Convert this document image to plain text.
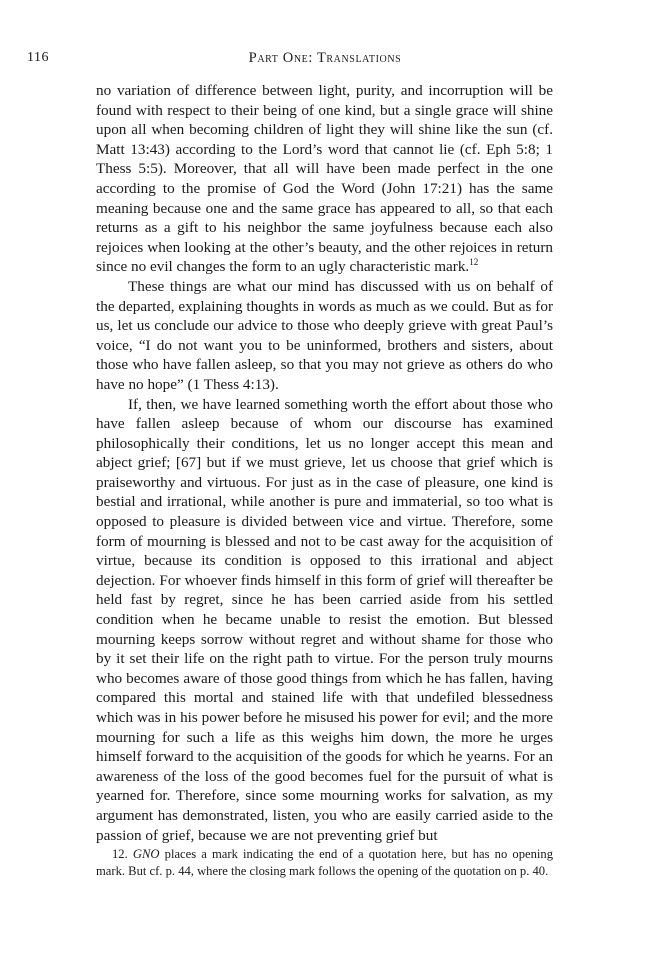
116	Part One: Translations

no variation of difference between light, purity, and incorruption will be found with respect to their being of one kind, but a single grace will shine upon all when becoming children of light they will shine like the sun (cf. Matt 13:43) according to the Lord’s word that cannot lie (cf. Eph 5:8; 1 Thess 5:5). Moreover, that all will have been made perfect in the one according to the promise of God the Word (John 17:21) has the same meaning because one and the same grace has appeared to all, so that each returns as a gift to his neighbor the same joyfulness because each also rejoices when looking at the other’s beauty, and the other rejoices in return since no evil changes the form to an ugly characteristic mark.$^{12}$

These things are what our mind has discussed with us on behalf of the departed, explaining thoughts in words as much as we could. But as for us, let us conclude our advice to those who deeply grieve with great Paul’s voice, “I do not want you to be uninformed, brothers and sisters, about those who have fallen asleep, so that you may not grieve as others do who have no hope” (1 Thess 4:13).

If, then, we have learned something worth the effort about those who have fallen asleep because of whom our discourse has examined philosophically their conditions, let us no longer accept this mean and abject grief; [67] but if we must grieve, let us choose that grief which is praiseworthy and virtuous. For just as in the case of pleasure, one kind is bestial and irrational, while another is pure and immaterial, so too what is opposed to pleasure is divided between vice and virtue. Therefore, some form of mourning is blessed and not to be cast away for the acquisition of virtue, because its condition is opposed to this irrational and abject dejection. For whoever finds himself in this form of grief will thereafter be held fast by regret, since he has been carried aside from his settled condition when he became unable to resist the emotion. But blessed mourning keeps sorrow without regret and without shame for those who by it set their life on the right path to virtue. For the person truly mourns who becomes aware of those good things from which he has fallen, having compared this mortal and stained life with that undefiled blessedness which was in his power before he misused his power for evil; and the more mourning for such a life as this weighs him down, the more he urges himself forward to the acquisition of the goods for which he yearns. For an awareness of the loss of the good becomes fuel for the pursuit of what is yearned for. Therefore, since some mourning works for salvation, as my argument has demonstrated, listen, you who are easily carried aside to the passion of grief, because we are not preventing grief but

12. GNO places a mark indicating the end of a quotation here, but has no opening mark. But cf. p. 44, where the closing mark follows the opening of the quotation on p. 40.
